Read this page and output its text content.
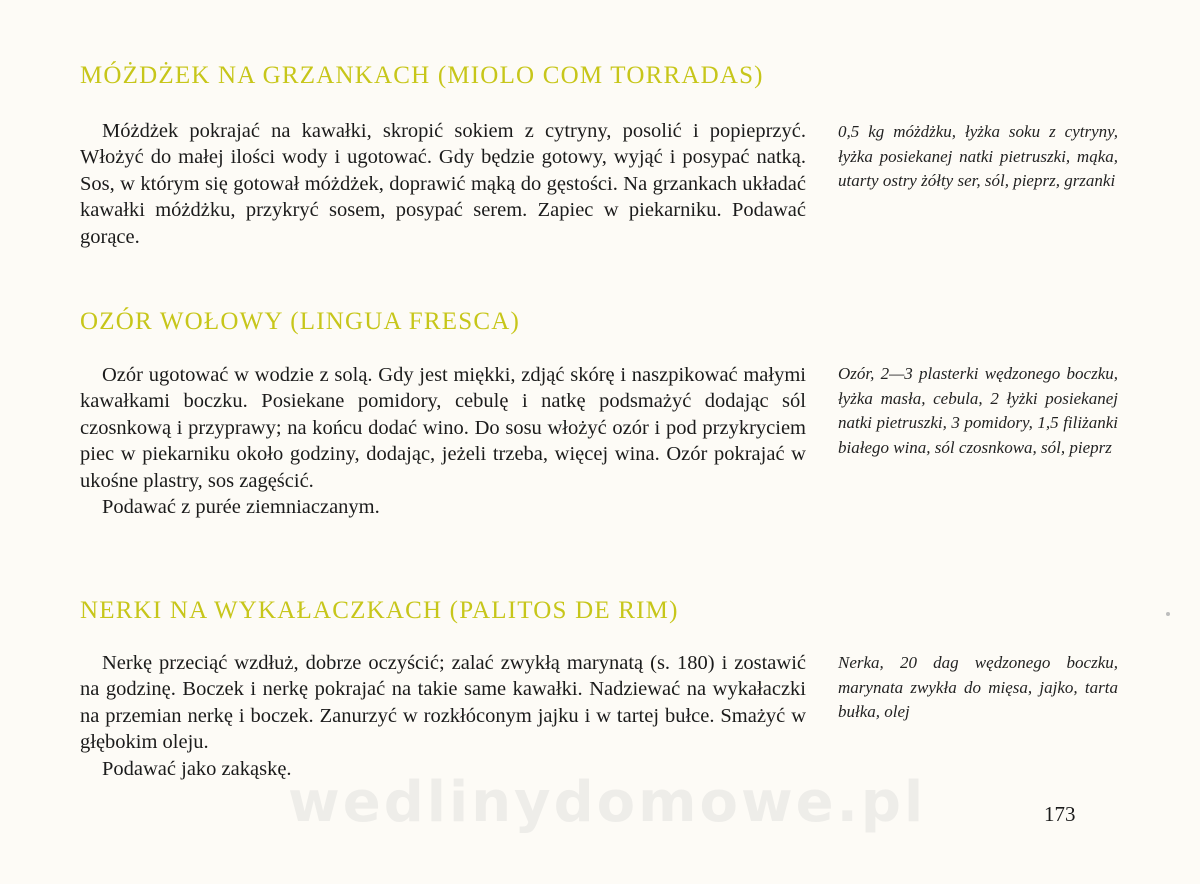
MÓŻDŻEK NA GRZANKACH (MIOLO COM TORRADAS)

Móżdżek pokrajać na kawałki, skropić sokiem z cytryny, posolić i popieprzyć. Włożyć do małej ilości wody i ugotować. Gdy będzie gotowy, wyjąć i posypać natką. Sos, w którym się gotował móżdżek, doprawić mąką do gęstości. Na grzankach układać kawałki móżdżku, przykryć sosem, posypać serem. Zapiec w piekarniku. Podawać gorące.

0,5 kg móżdżku, łyżka soku z cytryny, łyżka posiekanej natki pietruszki, mąka, utarty ostry żółty ser, sól, pieprz, grzanki
OZÓR WOŁOWY (LINGUA FRESCA)

Ozór ugotować w wodzie z solą. Gdy jest miękki, zdjąć skórę i naszpikować małymi kawałkami boczku. Posiekane pomidory, cebulę i natkę podsmażyć dodając sól czosnkową i przyprawy; na końcu dodać wino. Do sosu włożyć ozór i pod przykryciem piec w piekarniku około godziny, dodając, jeżeli trzeba, więcej wina. Ozór pokrajać w ukośne plastry, sos zagęścić.

Podawać z purée ziemniaczanym.

Ozór, 2—3 plasterki wędzonego boczku, łyżka masła, cebula, 2 łyżki posiekanej natki pietruszki, 3 pomidory, 1,5 filiżanki białego wina, sól czosnkowa, sól, pieprz
NERKI NA WYKAŁACZKACH (PALITOS DE RIM)

Nerkę przeciąć wzdłuż, dobrze oczyścić; zalać zwykłą marynatą (s. 180) i zostawić na godzinę. Boczek i nerkę pokrajać na takie same kawałki. Nadziewać na wykałaczki na przemian nerkę i boczek. Zanurzyć w rozkłóconym jajku i w tartej bułce. Smażyć w głębokim oleju.

Podawać jako zakąskę.

Nerka, 20 dag wędzonego boczku, marynata zwykła do mięsa, jajko, tarta bułka, olej
wedlinydomowe.pl	173
